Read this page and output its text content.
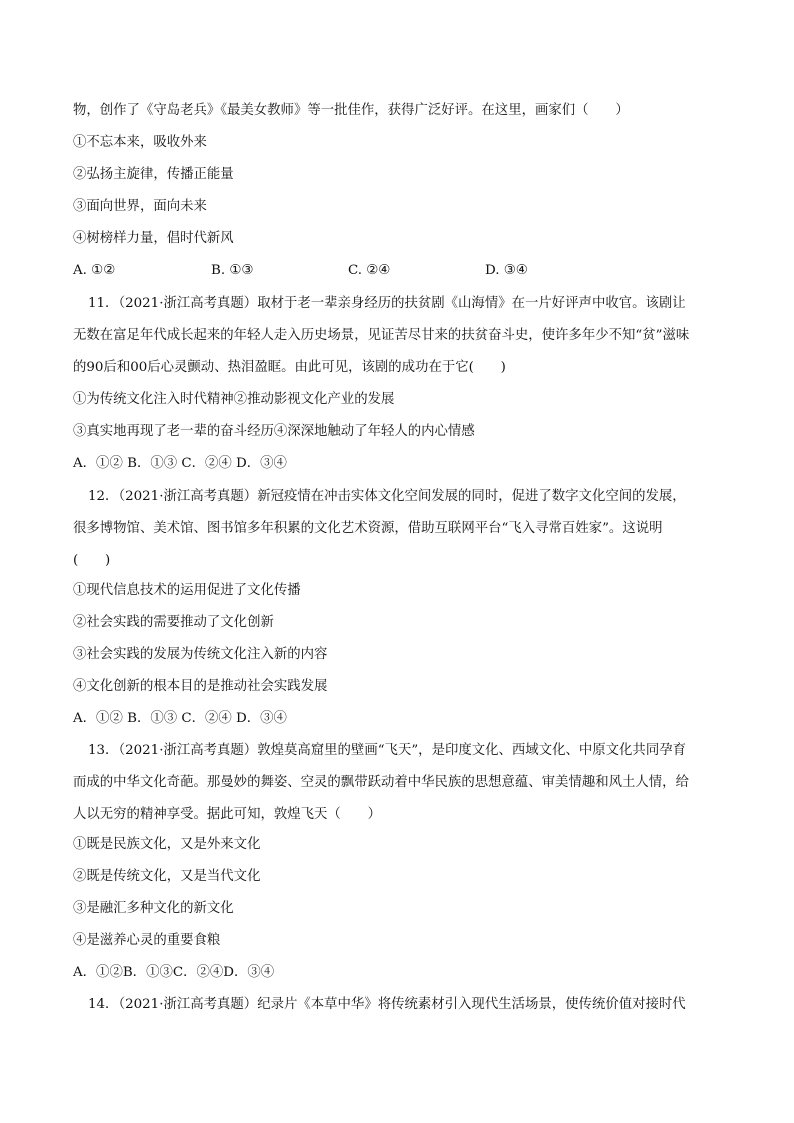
物，创作了《守岛老兵》《最美女教师》等一批佳作，获得广泛好评。在这里，画家们（　　）
①不忘本来，吸收外来
②弘扬主旋律，传播正能量
③面向世界，面向未来
④树榜样力量，倡时代新风
A. ①②	B. ①③	C. ②④	D. ③④
11．（2021·浙江高考真题）取材于老一辈亲身经历的扶贫剧《山海情》在一片好评声中收官。该剧让
无数在富足年代成长起来的年轻人走入历史场景，见证苦尽甘来的扶贫奋斗史，使许多年少不知“贫”滋味
的90后和00后心灵颤动、热泪盈眶。由此可见，该剧的成功在于它(　　)
①为传统文化注入时代精神②推动影视文化产业的发展
③真实地再现了老一辈的奋斗经历④深深地触动了年轻人的内心情感
A．①② B．①③ C．②④ D．③④
12．（2021·浙江高考真题）新冠疫情在冲击实体文化空间发展的同时，促进了数字文化空间的发展，
很多博物馆、美术馆、图书馆多年积累的文化艺术资源，借助互联网平台“飞入寻常百姓家”。这说明
(　　)
①现代信息技术的运用促进了文化传播
②社会实践的需要推动了文化创新
③社会实践的发展为传统文化注入新的内容
④文化创新的根本目的是推动社会实践发展
A．①② B．①③ C．②④ D．③④
13．（2021·浙江高考真题）敦煌莫高窟里的壁画“飞天”，是印度文化、西域文化、中原文化共同孕育
而成的中华文化奇葩。那曼妙的舞姿、空灵的飘带跃动着中华民族的思想意蕴、审美情趣和风土人情，给
人以无穷的精神享受。据此可知，敦煌飞天（　　）
①既是民族文化，又是外来文化
②既是传统文化，又是当代文化
③是融汇多种文化的新文化
④是滋养心灵的重要食粮
A．①②B．①③C．②④D．③④
14．（2021·浙江高考真题）纪录片《本草中华》将传统素材引入现代生活场景，使传统价值对接时代
